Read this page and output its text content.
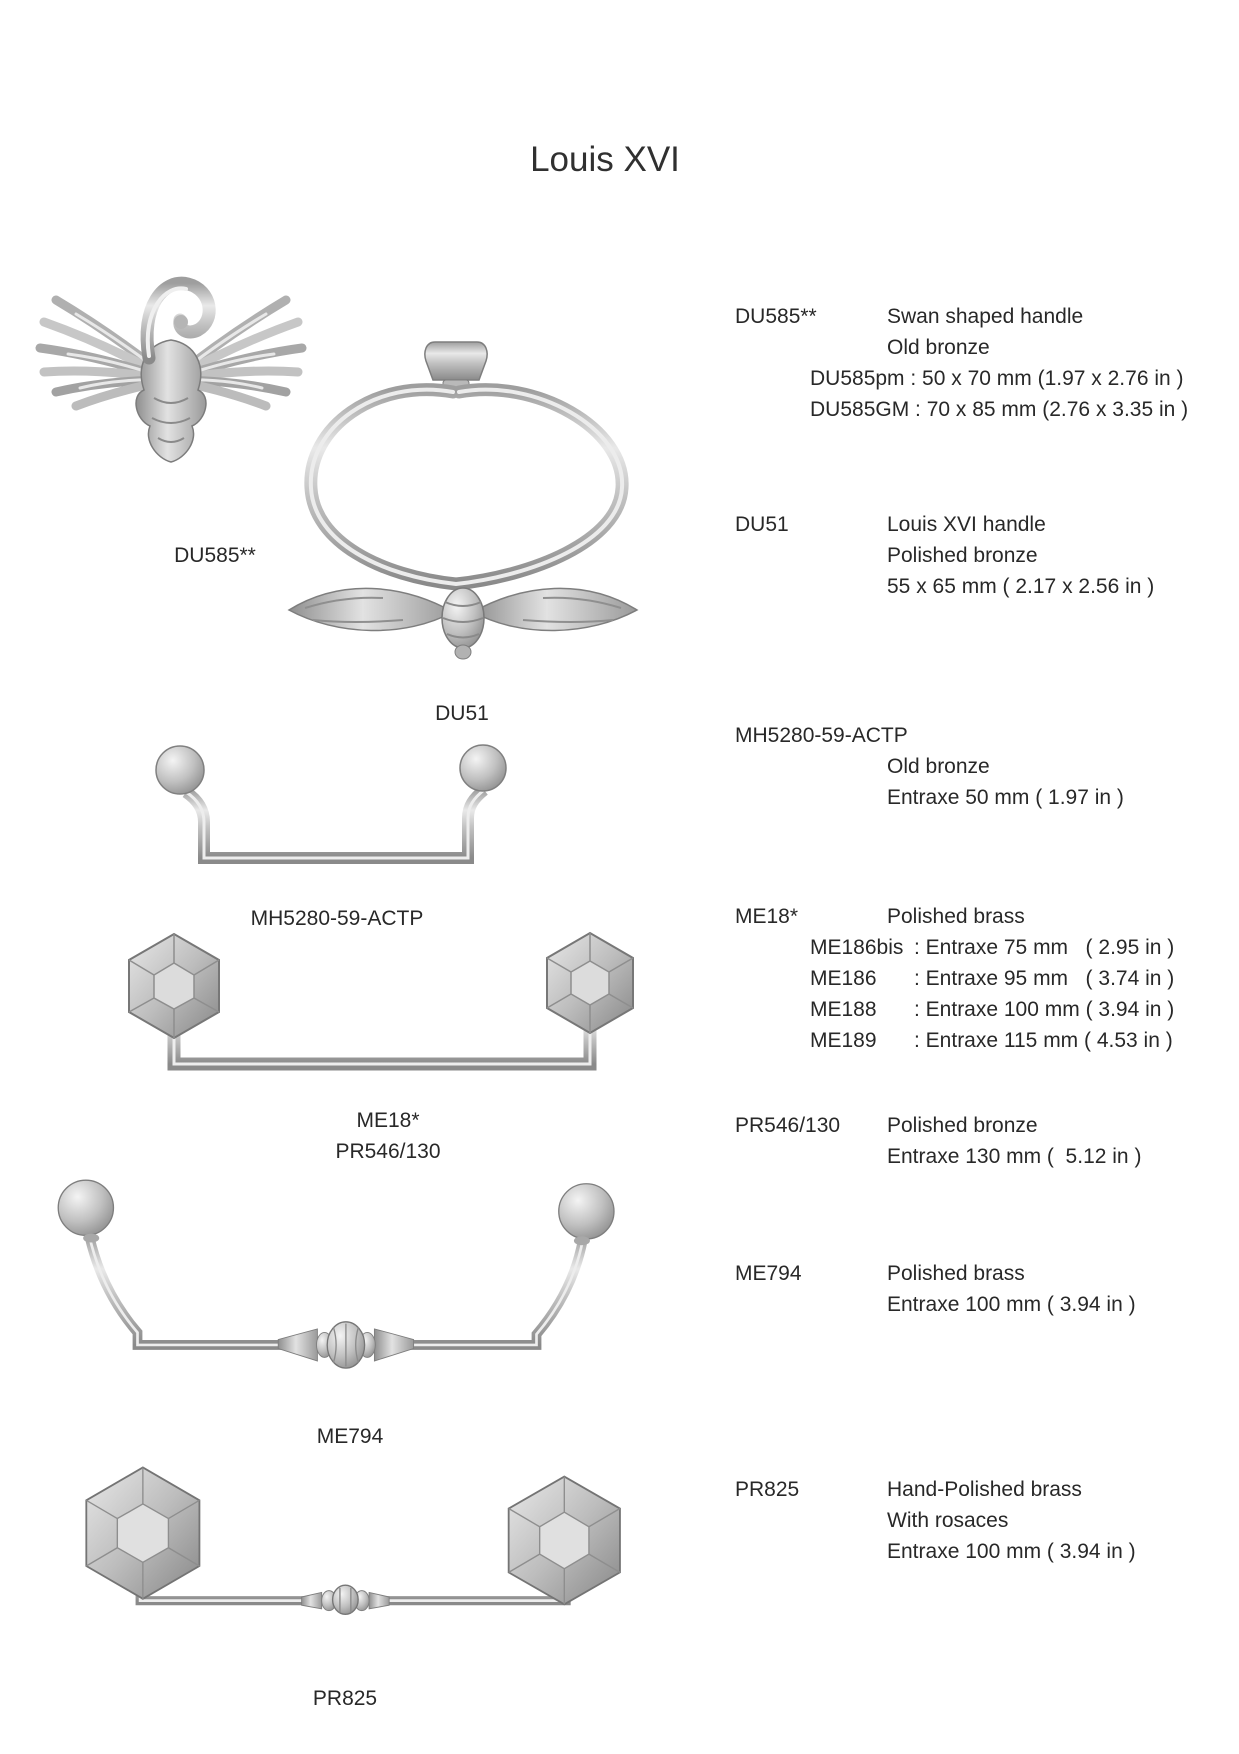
Louis XVI
DU585**
DU51
MH5280-59-ACTP
ME18*
PR546/130
ME794
PR825
DU585**	Swan shaped handle
Old bronze
DU585pm : 50 x 70 mm (1.97 x 2.76 in )
DU585GM : 70 x 85 mm (2.76 x 3.35 in )
DU51	Louis XVI handle
Polished bronze
55 x 65 mm ( 2.17 x 2.56 in )
MH5280-59-ACTP
Old bronze
Entraxe 50 mm ( 1.97 in )
ME18*	Polished brass
ME186bis : Entraxe 75 mm   ( 2.95 in )
ME186	: Entraxe 95 mm   ( 3.74 in )
ME188	: Entraxe 100 mm ( 3.94 in )
ME189	: Entraxe 115 mm ( 4.53 in )
PR546/130	Polished bronze
Entraxe 130 mm (  5.12 in )
ME794	Polished brass
Entraxe 100 mm ( 3.94 in )
PR825	Hand-Polished brass
With rosaces
Entraxe 100 mm ( 3.94 in )
